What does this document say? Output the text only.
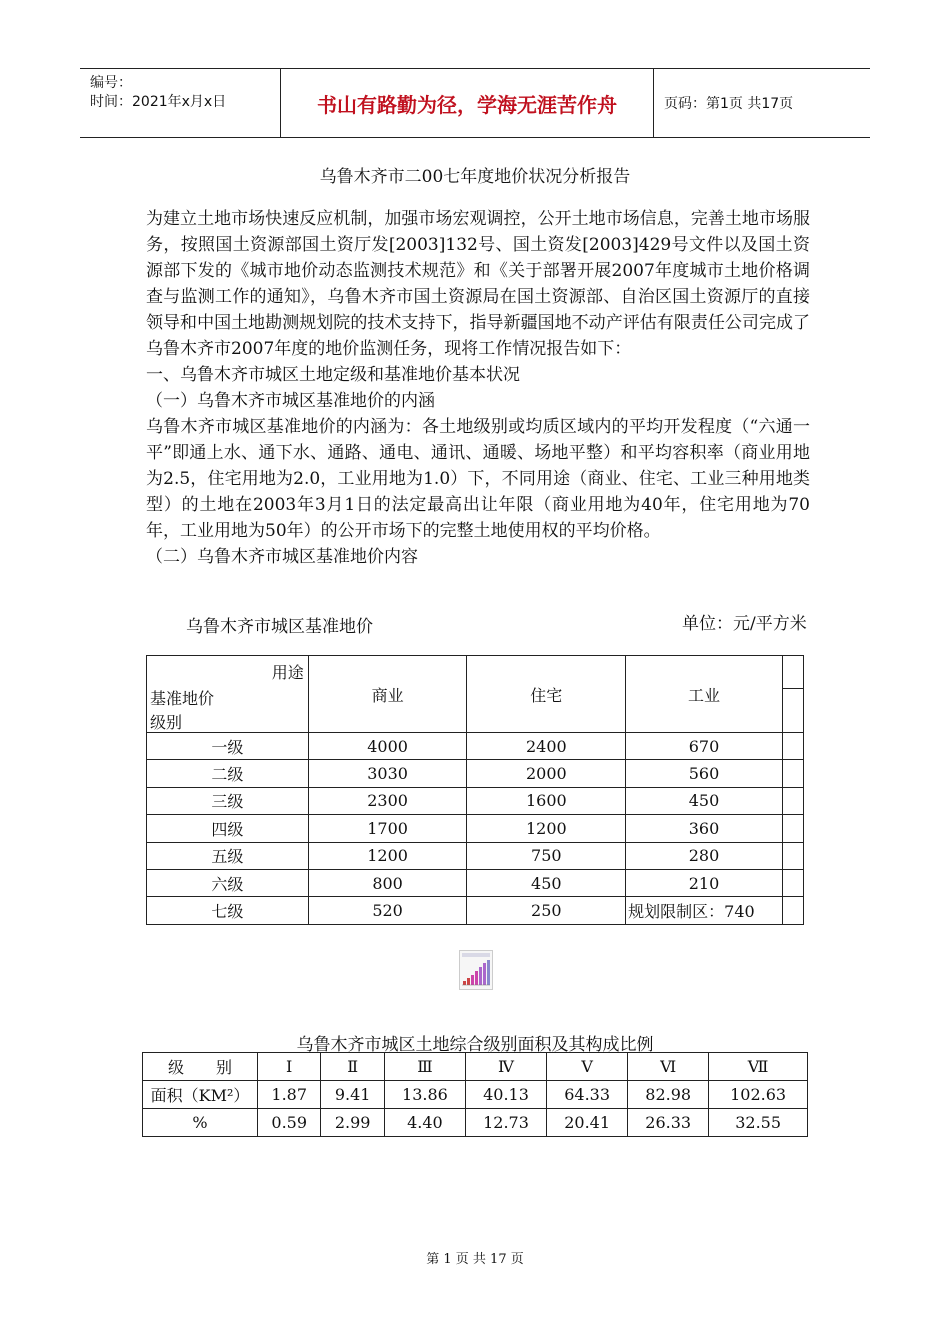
编号：
时间：2021年x月x日	书山有路勤为径，学海无涯苦作舟	页码：第1页 共17页
乌鲁木齐市二00七年度地价状况分析报告

为建立土地市场快速反应机制，加强市场宏观调控，公开土地市场信息，完善土地市场服务，按照国土资源部国土资厅发[2003]132号、国土资发[2003]429号文件以及国土资源部下发的《城市地价动态监测技术规范》和《关于部署开展2007年度城市土地价格调查与监测工作的通知》，乌鲁木齐市国土资源局在国土资源部、自治区国土资源厅的直接领导和中国土地勘测规划院的技术支持下，指导新疆国地不动产评估有限责任公司完成了乌鲁木齐市2007年度的地价监测任务，现将工作情况报告如下：

一、乌鲁木齐市城区土地定级和基准地价基本状况

（一）乌鲁木齐市城区基准地价的内涵

乌鲁木齐市城区基准地价的内涵为：各土地级别或均质区域内的平均开发程度（“六通一平”即通上水、通下水、通路、通电、通讯、通暖、场地平整）和平均容积率（商业用地为2.5，住宅用地为2.0，工业用地为1.0）下，不同用途（商业、住宅、工业三种用地类型）的土地在2003年3月1日的法定最高出让年限（商业用地为40年，住宅用地为70年，工业用地为50年）的公开市场下的完整土地使用权的平均价格。

（二）乌鲁木齐市城区基准地价内容

乌鲁木齐市城区基准地价	单位：元/平方米
用途
基准地价
级别	商业	住宅	工业	

一级	4000	2400	670	
二级	3030	2000	560	
三级	2300	1600	450	
四级	1700	1200	360	
五级	1200	750	280	
六级	800	450	210	
七级	520	250	规划限制区：740	
乌鲁木齐市城区土地综合级别面积及其构成比例
级　　别	Ⅰ	Ⅱ	Ⅲ	Ⅳ	Ⅴ	Ⅵ	Ⅶ
面积（KM²）	1.87	9.41	13.86	40.13	64.33	82.98	102.63
%	0.59	2.99	4.40	12.73	20.41	26.33	32.55
第 1 页 共 17 页
